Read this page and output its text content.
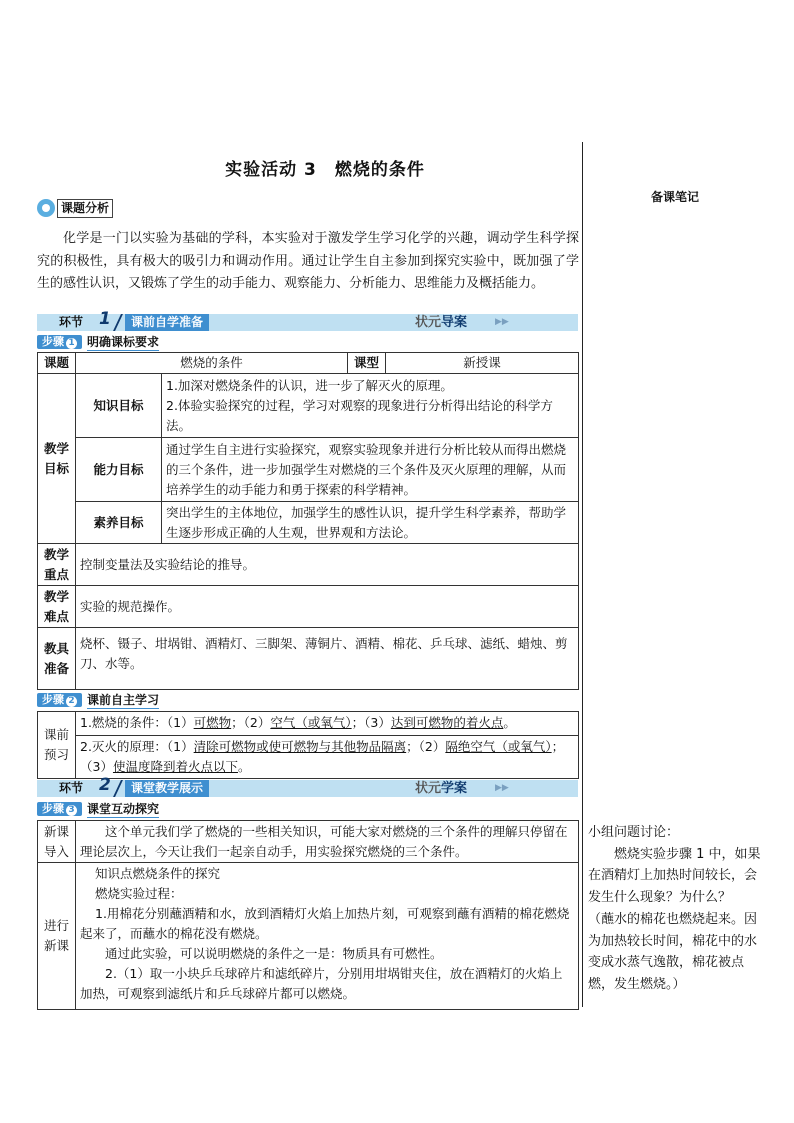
实验活动 3　燃烧的条件
备课笔记
课题分析
化学是一门以实验为基础的学科，本实验对于激发学生学习化学的兴趣，调动学生科学探究的积极性，具有极大的吸引力和调动作用。通过让学生自主参加到探究实验中，既加强了学生的感性认识，又锻炼了学生的动手能力、观察能力、分析能力、思维能力及概括能力。
环节 1	课前自学准备	状元导案	▶▶
步骤 1	明确课标要求
课题	燃烧的条件		课型	新授课
教学目标	知识目标	1.加深对燃烧条件的认识，进一步了解灭火的原理。
2.体验实验探究的过程，学习对观察的现象进行分析得出结论的科学方法。		

	能力目标	通过学生自主进行实验探究，观察实验现象并进行分析比较从而得出燃烧的三个条件，进一步加强学生对燃烧的三个条件及灭火原理的理解，从而培养学生的动手能力和勇于探索的科学精神。		
	素养目标	突出学生的主体地位，加强学生的感性认识，提升学生科学素养，帮助学生逐步形成正确的人生观，世界观和方法论。		
教学重点	控制变量法及实验结论的推导。			
教学难点	实验的规范操作。			
教具准备	烧杯、镊子、坩埚钳、酒精灯、三脚架、薄铜片、酒精、棉花、乒乓球、滤纸、蜡烛、剪刀、水等。			
步骤 2	课前自主学习
课前预习	
1.燃烧的条件：（1）可燃物；（2）空气（或氧气）；（3）达到可燃物的着火点。
2.灭火的原理：（1）清除可燃物或使可燃物与其他物品隔离；（2）隔绝空气（或氧气）；（3）使温度降到着火点以下。
环节 2	课堂教学展示	状元学案	▶▶
步骤 3	课堂互动探究
新课导入	这个单元我们学了燃烧的一些相关知识，可能大家对燃烧的三个条件的理解只停留在理论层次上，今天让我们一起亲自动手，用实验探究燃烧的三个条件。
进行新课	知识点燃烧条件的探究
燃烧实验过程：
1.用棉花分别蘸酒精和水，放到酒精灯火焰上加热片刻，可观察到蘸有酒精的棉花燃烧起来了，而蘸水的棉花没有燃烧。
通过此实验，可以说明燃烧的条件之一是：物质具有可燃性。
2.（1）取一小块乒乓球碎片和滤纸碎片，分别用坩埚钳夹住，放在酒精灯的火焰上加热，可观察到滤纸片和乒乓球碎片都可以燃烧。
小组问题讨论：
燃烧实验步骤 1 中，如果在酒精灯上加热时间较长，会发生什么现象？为什么？
（蘸水的棉花也燃烧起来。因为加热较长时间，棉花中的水变成水蒸气逸散，棉花被点燃，发生燃烧。）
